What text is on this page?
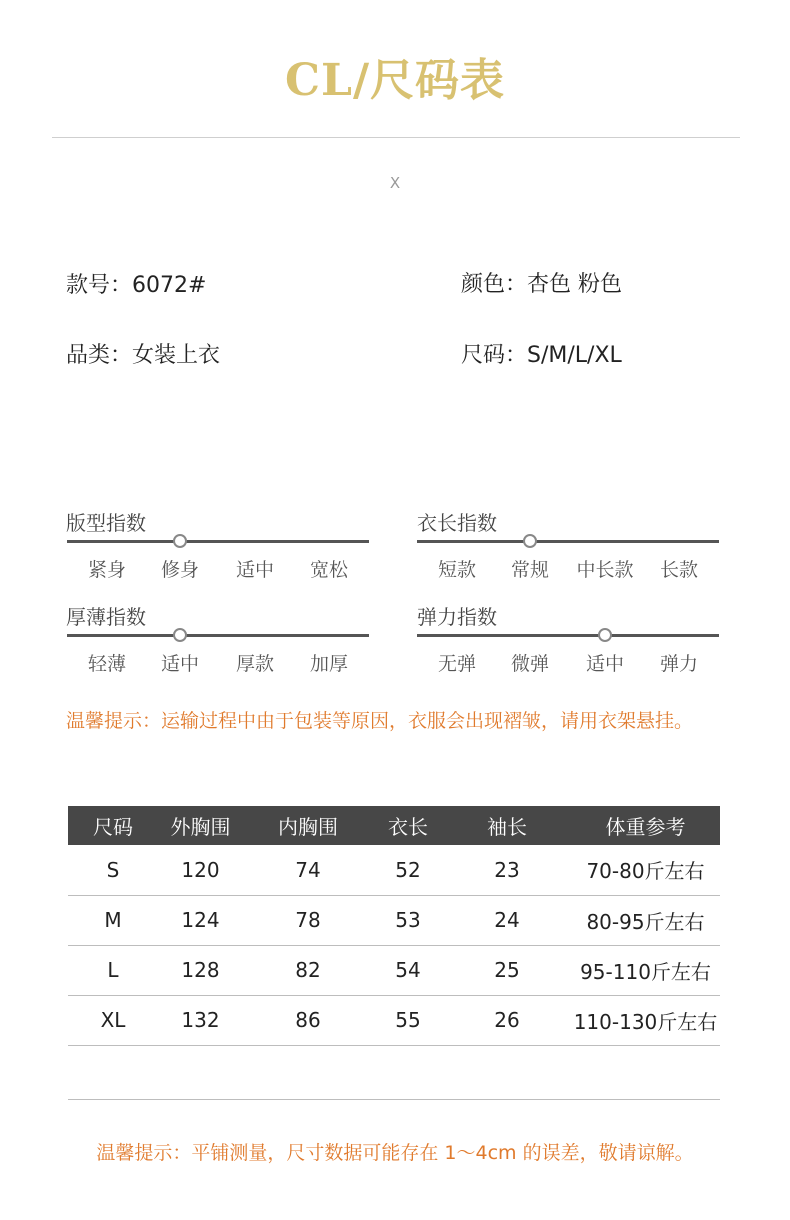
CL/尺码表
X
款号：6072#	颜色：杏色 粉色
品类：女装上衣	尺码：S/M/L/XL
版型指数
紧身 修身 适中 宽松
衣长指数
短款 常规 中长款 长款
厚薄指数
轻薄 适中 厚款 加厚
弹力指数
无弹 微弹 适中 弹力
温馨提示：运输过程中由于包装等原因，衣服会出现褶皱，请用衣架悬挂。
尺码	外胸围	内胸围	衣长	袖长	体重参考
S	120	74	52	23	70-80斤左右
M	124	78	53	24	80-95斤左右
L	128	82	54	25	95-110斤左右
XL	132	86	55	26	110-130斤左右
温馨提示：平铺测量，尺寸数据可能存在 1～4cm 的误差，敬请谅解。
